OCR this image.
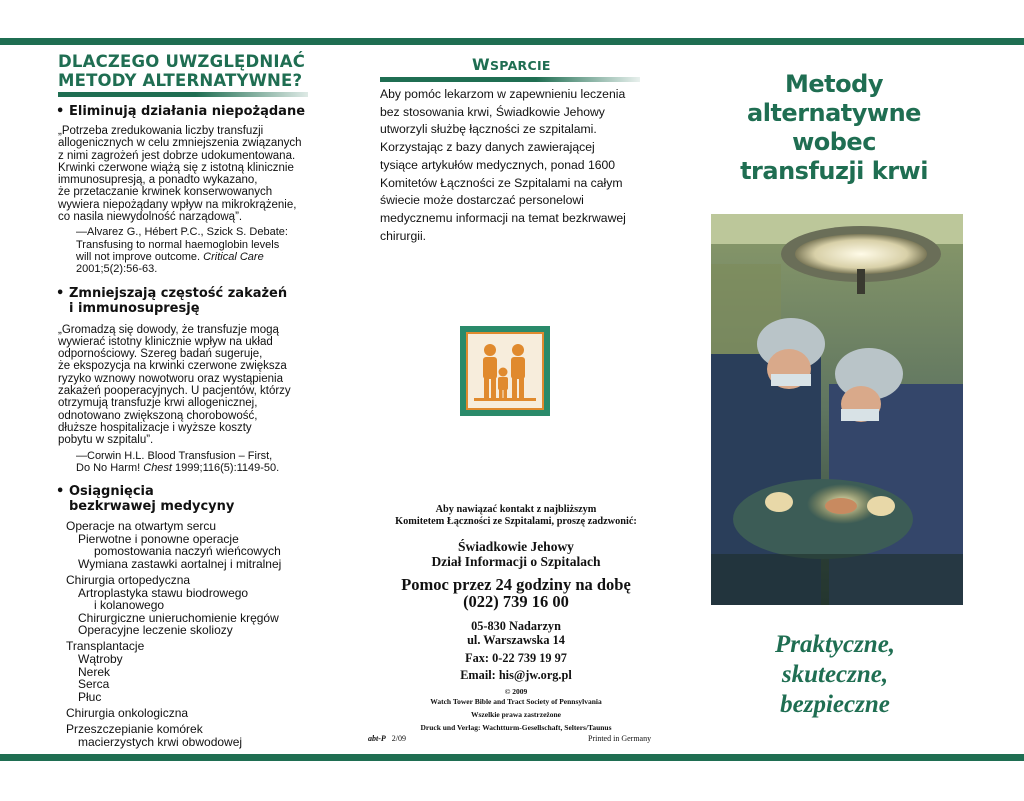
DLACZEGO UWZGLĘDNIAĆ
METODY ALTERNATYWNE?
• Eliminują działania niepożądane
„Potrzeba zredukowania liczby transfuzji
allogenicznych w celu zmniejszenia związanych
z nimi zagrożeń jest dobrze udokumentowana.
Krwinki czerwone wiążą się z istotną klinicznie
immunosupresją, a ponadto wykazano,
że przetaczanie krwinek konserwowanych
wywiera niepożądany wpływ na mikrokrążenie,
co nasila niewydolność narządową”.
—Alvarez G., Hébert P.C., Szick S. Debate:
Transfusing to normal haemoglobin levels
will not improve outcome. Critical Care
2001;5(2):56-63.
• Zmniejszają częstość zakażeń
i immunosupresję
„Gromadzą się dowody, że transfuzje mogą
wywierać istotny klinicznie wpływ na układ
odpornościowy. Szereg badań sugeruje,
że ekspozycja na krwinki czerwone zwiększa
ryzyko wznowy nowotworu oraz wystąpienia
zakażeń pooperacyjnych. U pacjentów, którzy
otrzymują transfuzje krwi allogenicznej,
odnotowano zwiększoną chorobowość,
dłuższe hospitalizacje i wyższe koszty
pobytu w szpitalu”.
—Corwin H.L. Blood Transfusion – First,
Do No Harm! Chest 1999;116(5):1149-50.
• Osiągnięcia
bezkrwawej medycyny
Operacje na otwartym sercu
Pierwotne i ponowne operacje
pomostowania naczyń wieńcowych
Wymiana zastawki aortalnej i mitralnej
Chirurgia ortopedyczna
Artroplastyka stawu biodrowego
i kolanowego
Chirurgiczne unieruchomienie kręgów
Operacyjne leczenie skoliozy
Transplantacje
Wątroby
Nerek
Serca
Płuc
Chirurgia onkologiczna
Przeszczepianie komórek
macierzystych krwi obwodowej
WSPARCIE
Aby pomóc lekarzom w zapewnieniu leczenia
bez stosowania krwi, Świadkowie Jehowy
utworzyli służbę łączności ze szpitalami.
Korzystając z bazy danych zawierającej
tysiące artykułów medycznych, ponad 1600
Komitetów Łączności ze Szpitalami na całym
świecie może dostarczać personelowi
medycznemu informacji na temat bezkrwawej
chirurgii.
Aby nawiązać kontakt z najbliższym
Komitetem Łączności ze Szpitalami, proszę zadzwonić:
Świadkowie Jehowy
Dział Informacji o Szpitalach
Pomoc przez 24 godziny na dobę
(022) 739 16 00
05-830 Nadarzyn
ul. Warszawska 14
Fax: 0-22 739 19 97
Email: his@jw.org.pl
© 2009
Watch Tower Bible and Tract Society of Pennsylvania
Wszelkie prawa zastrzeżone
Druck und Verlag: Wachtturm-Gesellschaft, Selters/Taunus
abt-P 2/09	Printed in Germany
Metody
alternatywne
wobec
transfuzji krwi
Praktyczne,
skuteczne,
bezpieczne
